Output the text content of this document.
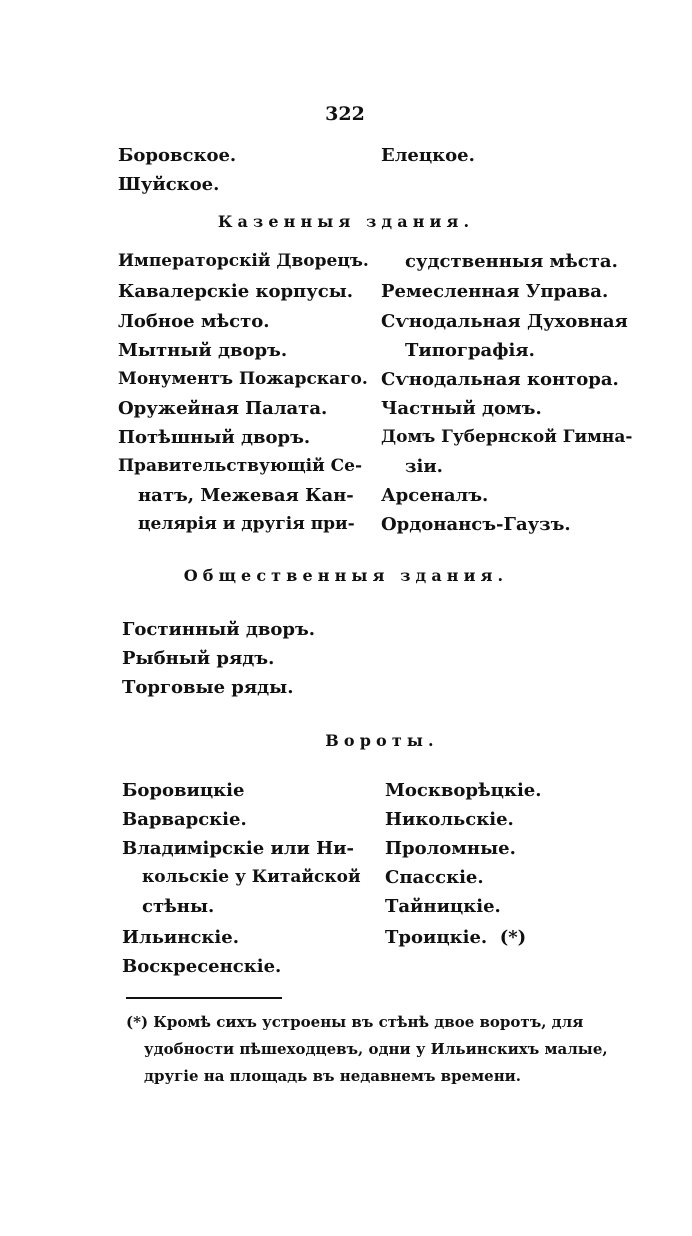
322
Боровское.
Шуйское.
Елецкое.
Казенныя здания.
Императорскій Дворецъ.
Кавалерскіе корпусы.
Лобное мѣсто.
Мытный дворъ.
Монументъ Пожарскаго.
Оружейная Палата.
Потѣшный дворъ.
Правительствующій Се-
натъ, Межевая Кан-
целярія и другія при-
судственныя мѣста.
Ремесленная Управа.
Сѵнодальная Духовная
Типографія.
Сѵнодальная контора.
Частный домъ.
Домъ Губернской Гимна-
зіи.
Арсеналъ.
Ордонансъ-Гаузъ.
Общественныя здания.
Гостинный дворъ.
Рыбный рядъ.
Торговые ряды.
Вороты.
Боровицкіе
Варварскіе.
Владимірскіе или Ни-
кольскіе у Китайской
стѣны.
Ильинскіе.
Воскресенскіе.
Москворѣцкіе.
Никольскіе.
Проломные.
Спасскіе.
Тайницкіе.
Троицкіе.  (*)
(*) Кромѣ сихъ устроены въ стѣнѣ двое воротъ, для
удобности пѣшеходцевъ, одни у Ильинскихъ малые,
другіе на площадь въ недавнемъ времени.
